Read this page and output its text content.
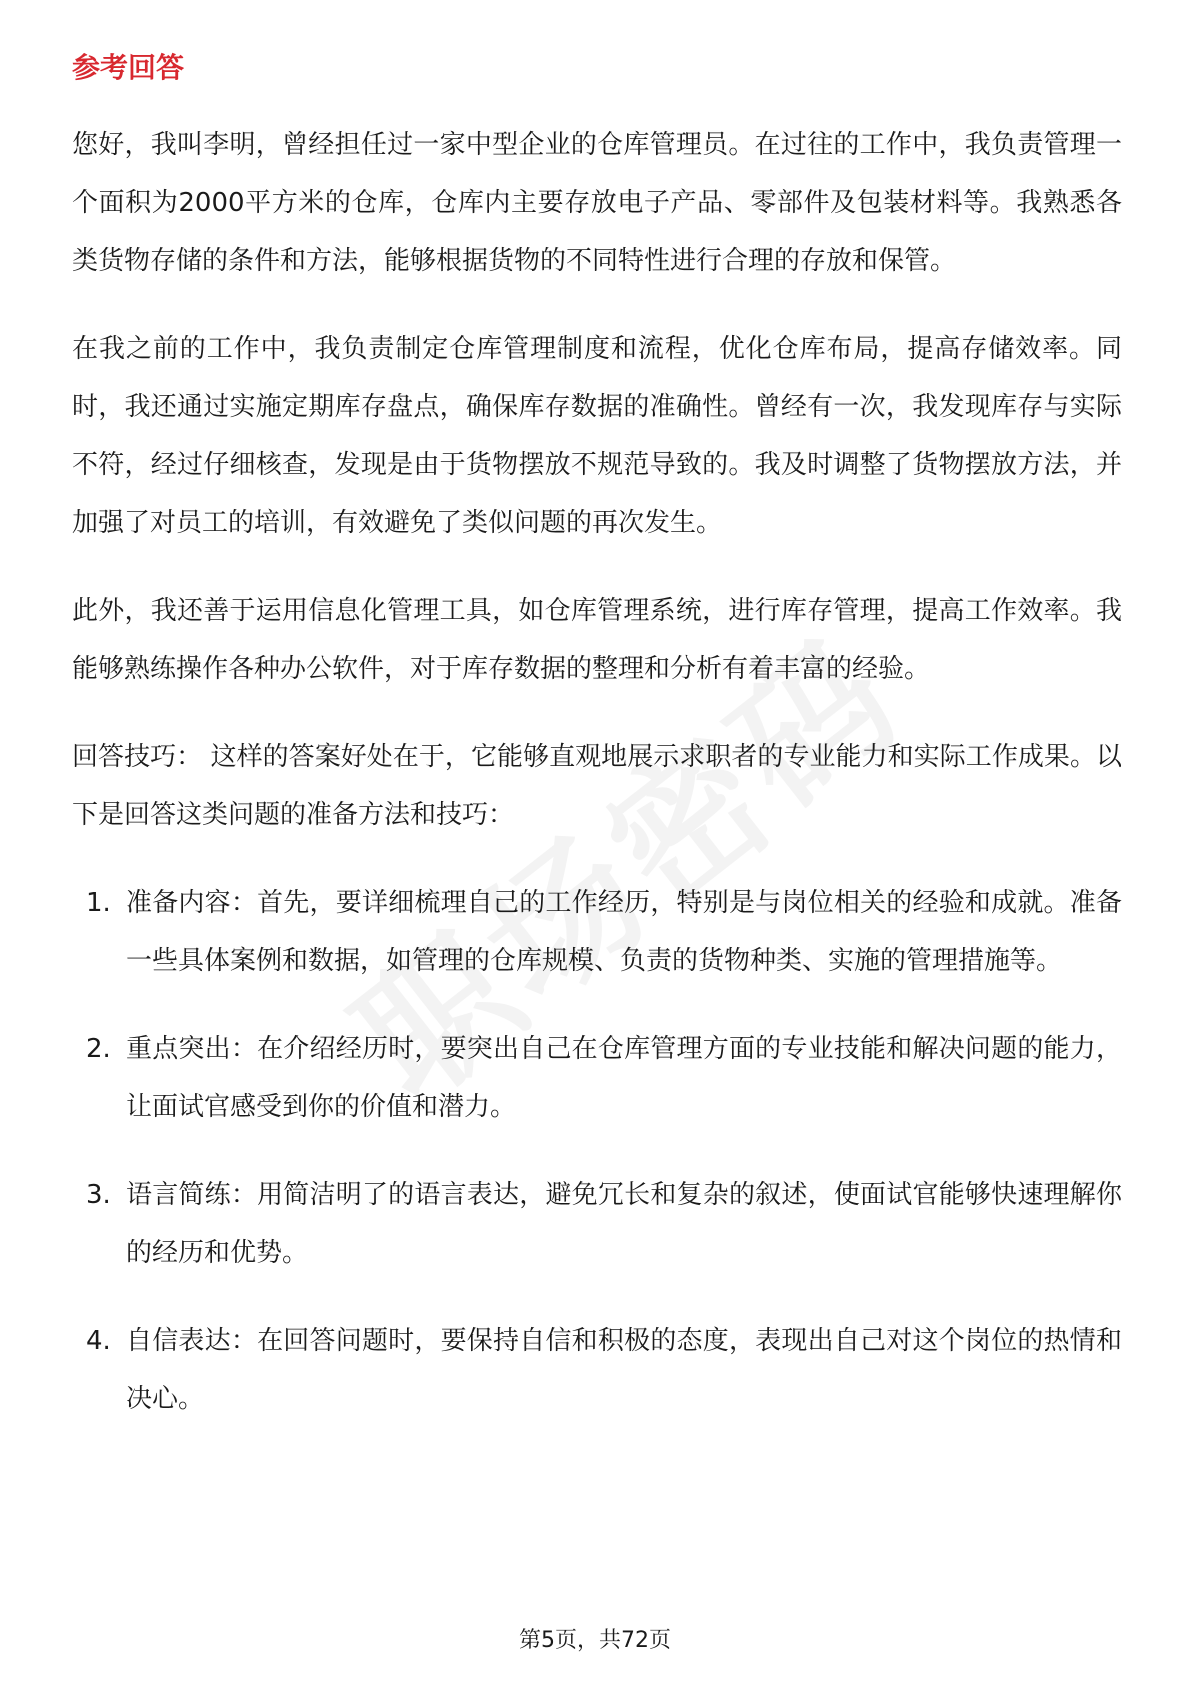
参考回答

您好，我叫李明，曾经担任过一家中型企业的仓库管理员。在过往的工作中，我负责管理一个面积为2000平方米的仓库，仓库内主要存放电子产品、零部件及包装材料等。我熟悉各类货物存储的条件和方法，能够根据货物的不同特性进行合理的存放和保管。

在我之前的工作中，我负责制定仓库管理制度和流程，优化仓库布局，提高存储效率。同时，我还通过实施定期库存盘点，确保库存数据的准确性。曾经有一次，我发现库存与实际不符，经过仔细核查，发现是由于货物摆放不规范导致的。我及时调整了货物摆放方法，并加强了对员工的培训，有效避免了类似问题的再次发生。

此外，我还善于运用信息化管理工具，如仓库管理系统，进行库存管理，提高工作效率。我能够熟练操作各种办公软件，对于库存数据的整理和分析有着丰富的经验。

回答技巧： 这样的答案好处在于，它能够直观地展示求职者的专业能力和实际工作成果。以下是回答这类问题的准备方法和技巧：

1. 准备内容：首先，要详细梳理自己的工作经历，特别是与岗位相关的经验和成就。准备一些具体案例和数据，如管理的仓库规模、负责的货物种类、实施的管理措施等。
2. 重点突出：在介绍经历时，要突出自己在仓库管理方面的专业技能和解决问题的能力，让面试官感受到你的价值和潜力。
3. 语言简练：用简洁明了的语言表达，避免冗长和复杂的叙述，使面试官能够快速理解你的经历和优势。
4. 自信表达：在回答问题时，要保持自信和积极的态度，表现出自己对这个岗位的热情和决心。
第5页，共72页
